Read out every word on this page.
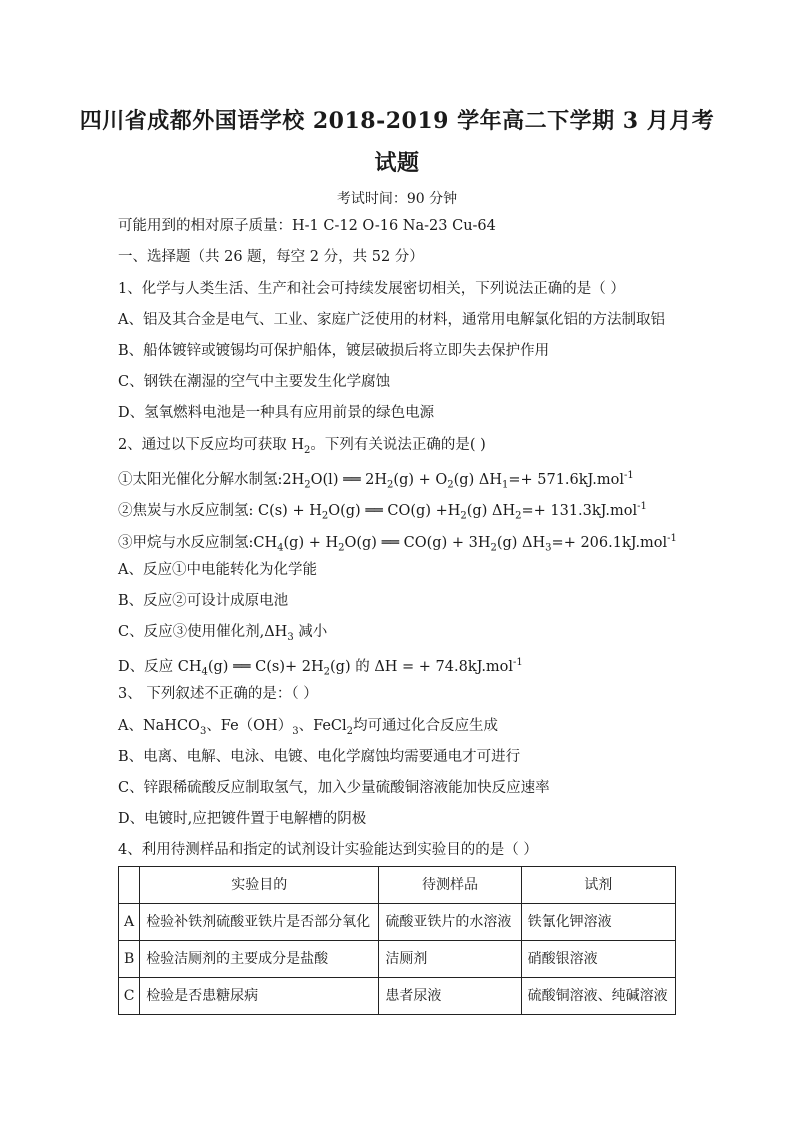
四川省成都外国语学校 2018-2019 学年高二下学期 3 月月考
试题
考试时间：90 分钟
可能用到的相对原子质量：H-1 C-12 O-16 Na-23 Cu-64
一、选择题（共 26 题，每空 2 分，共 52 分）
1、化学与人类生活、生产和社会可持续发展密切相关，下列说法正确的是（ ）
A、铝及其合金是电气、工业、家庭广泛使用的材料，通常用电解氯化铝的方法制取铝
B、船体镀锌或镀锡均可保护船体，镀层破损后将立即失去保护作用
C、钢铁在潮湿的空气中主要发生化学腐蚀
D、氢氧燃料电池是一种具有应用前景的绿色电源
2、通过以下反应均可获取 $H_2$。下列有关说法正确的是( )
①太阳光催化分解水制氢$:2H_2O(l)$ ══ $2H_2(g) + O_2(g)$ $\Delta H_1=+ 571.6kJ.mol^{-1}$
②焦炭与水反应制氢: $C(s) + H_2O(g)$ ══ $CO(g) +H_2(g)$ $\Delta H_2=+ 131.3kJ.mol^{-1}$
③甲烷与水反应制氢$:CH_4(g) + H_2O(g)$ ══ $CO(g) + 3H_2(g)$ $\Delta H_3=+ 206.1kJ.mol^{-1}$
A、反应①中电能转化为化学能
B、反应②可设计成原电池
C、反应③使用催化剂$,\Delta H_3$ 减小
D、反应 $CH_4(g)$ ══ $C(s)+ 2H_2(g)$ 的 ΔH = + 74.8kJ.mol$^{-1}$
3、 下列叙述不正确的是：（ ）
A、NaHCO$_3$、$Fe(OH)_3$、FeCl$_2$均可通过化合反应生成
B、电离、电解、电泳、电镀、电化学腐蚀均需要通电才可进行
C、锌跟稀硫酸反应制取氢气，加入少量硫酸铜溶液能加快反应速率
D、电镀时,应把镀件置于电解槽的阴极
4、利用待测样品和指定的试剂设计实验能达到实验目的的是（ ）
	实验目的	待测样品	试剂
A	检验补铁剂硫酸亚铁片是否部分氧化	硫酸亚铁片的水溶液	铁氰化钾溶液
B	检验洁厕剂的主要成分是盐酸	洁厕剂	硝酸银溶液
C	检验是否患糖尿病	患者尿液	硫酸铜溶液、纯碱溶液
